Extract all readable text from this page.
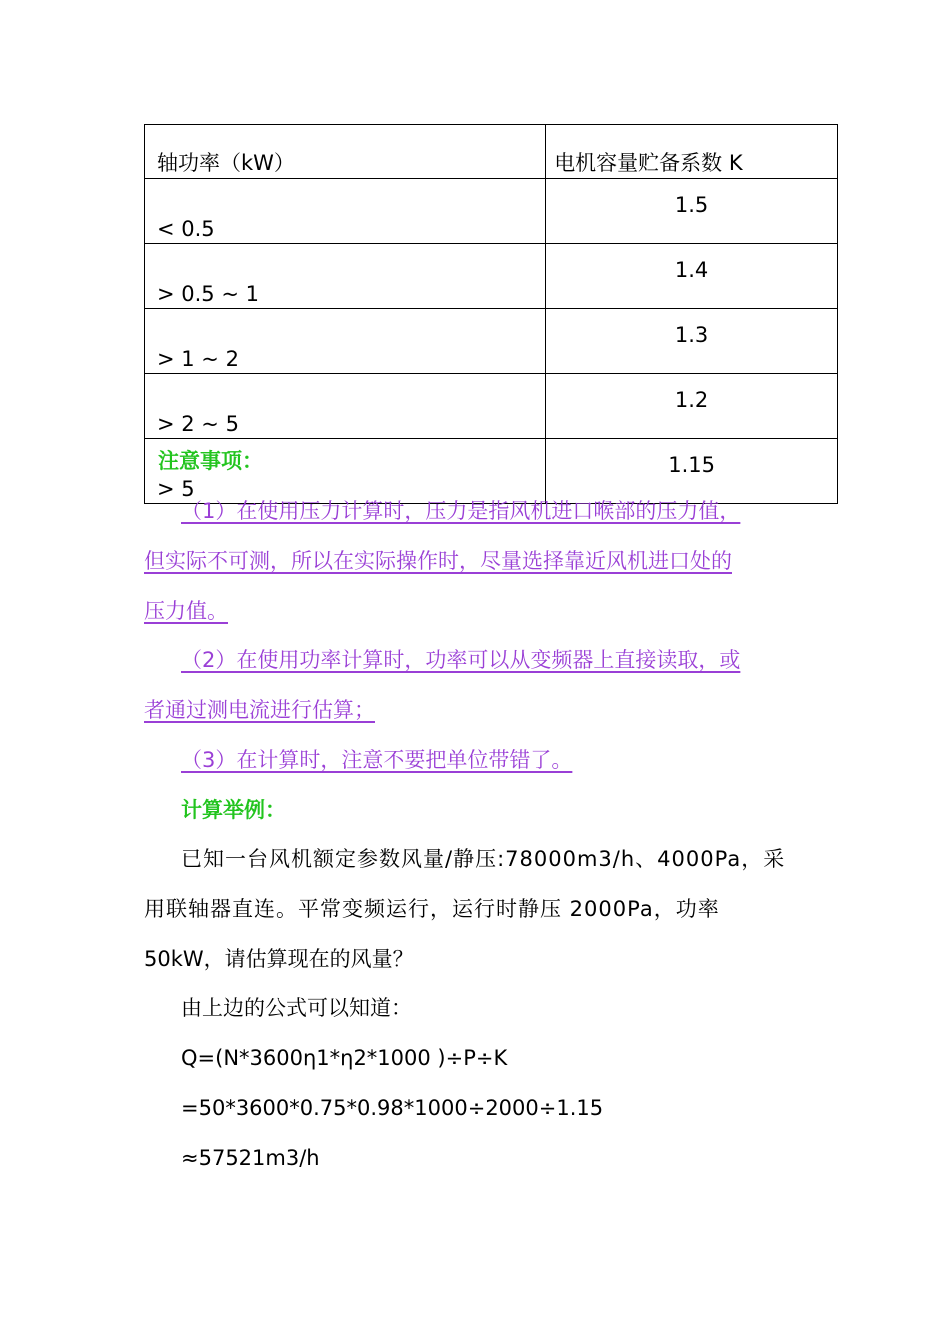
轴功率（kW）	电机容量贮备系数 K
< 0.5	1.5
> 0.5 ~ 1	1.4
> 1 ~ 2	1.3
> 2 ~ 5	1.2
> 5	1.15
注意事项：
（1）在使用压力计算时，压力是指风机进口喉部的压力值，
但实际不可测，所以在实际操作时，尽量选择靠近风机进口处的
压力值。
（2）在使用功率计算时，功率可以从变频器上直接读取，或
者通过测电流进行估算；
（3）在计算时，注意不要把单位带错了。
计算举例：
已知一台风机额定参数风量/静压:78000m3/h、4000Pa，采
用联轴器直连。平常变频运行，运行时静压 2000Pa，功率
50kW，请估算现在的风量？
由上边的公式可以知道：
Q=(N*3600η1*η2*1000 )÷P÷K
=50*3600*0.75*0.98*1000÷2000÷1.15
≈57521m3/h
